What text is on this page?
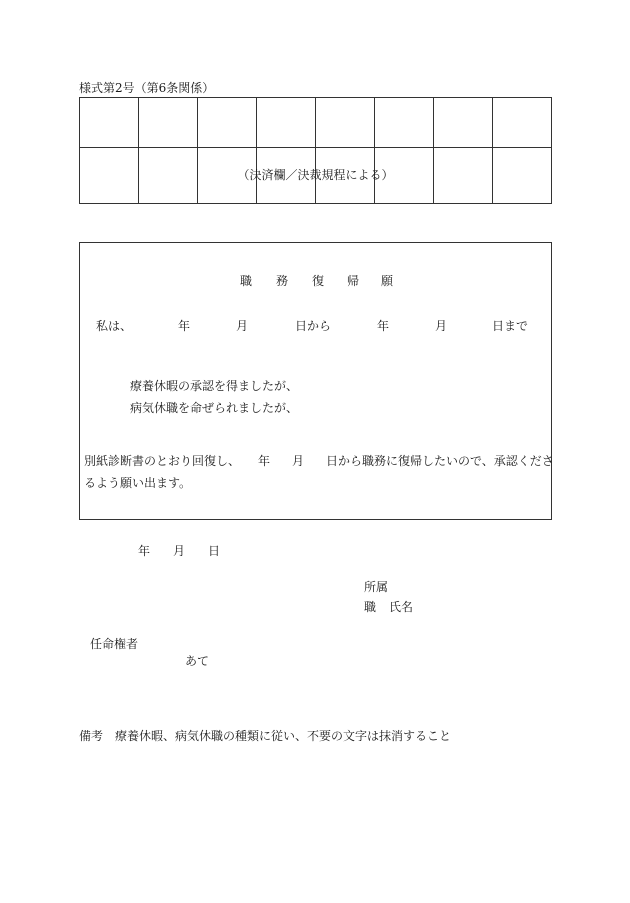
様式第2号（第6条関係）
（決済欄／決裁規程による）
職 務 復 帰 願
私は、	年	月	日から	年	月	日まで
療養休暇の承認を得ましたが、
病気休職を命ぜられましたが、
別紙診断書のとおり回復し、 年 月 日から職務に復帰したいので、承認くださ
るよう願い出ます。
年 月 日
所属
職 氏名
任命権者
あて
備考 療養休暇、病気休職の種類に従い、不要の文字は抹消すること
